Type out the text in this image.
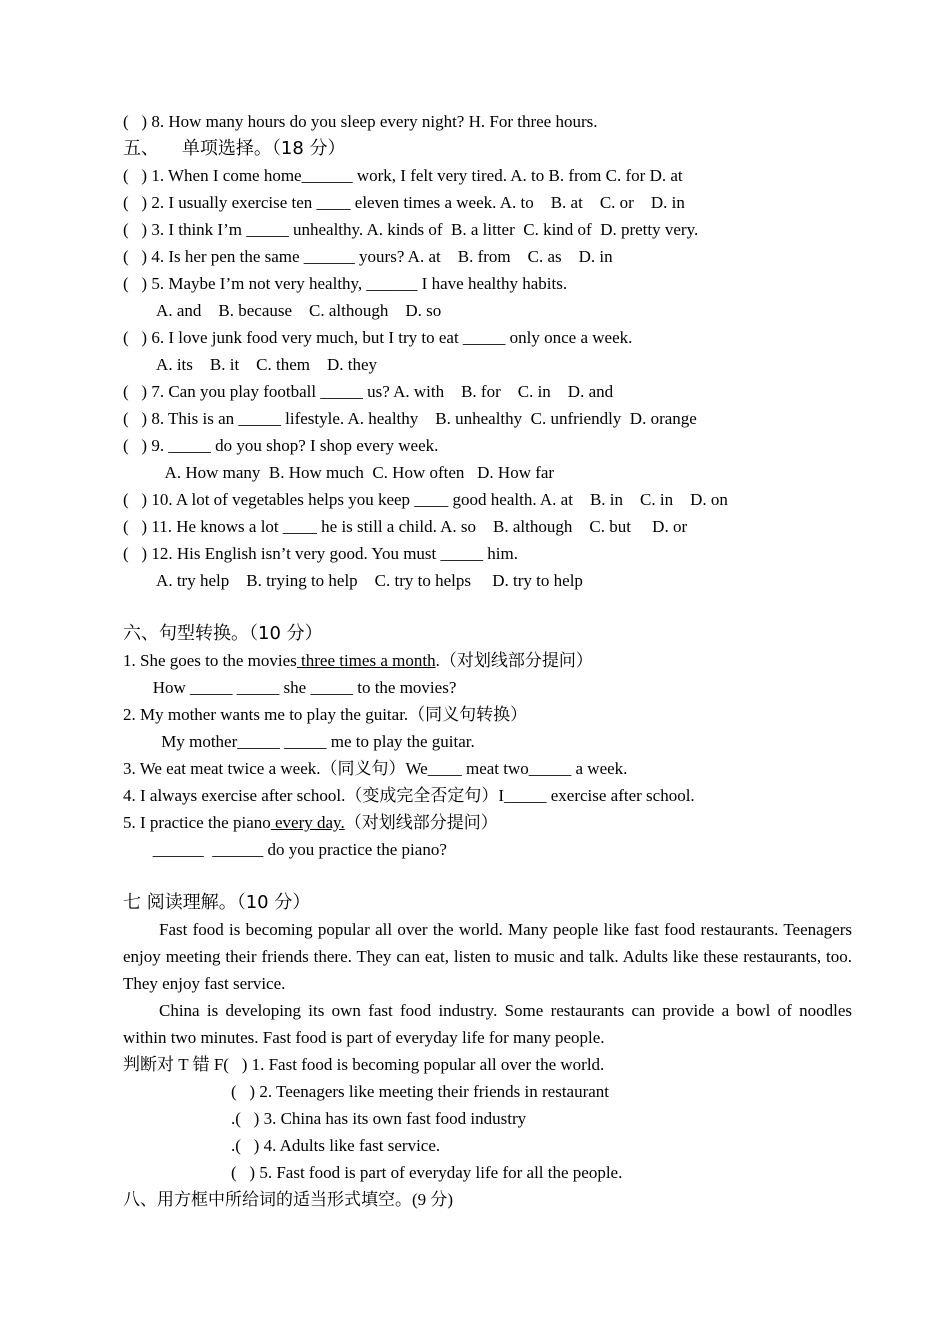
(   ) 8. How many hours do you sleep every night? H. For three hours.
五、    单项选择。（18 分）
(   ) 1. When I come home______ work, I felt very tired. A. to B. from C. for D. at
(   ) 2. I usually exercise ten ____ eleven times a week. A. to    B. at    C. or    D. in
(   ) 3. I think I’m _____ unhealthy. A. kinds of  B. a litter  C. kind of  D. pretty very.
(   ) 4. Is her pen the same ______ yours? A. at    B. from    C. as    D. in
(   ) 5. Maybe I’m not very healthy, ______ I have healthy habits.
A. and    B. because    C. although    D. so
(   ) 6. I love junk food very much, but I try to eat _____ only once a week.
A. its    B. it    C. them    D. they
(   ) 7. Can you play football _____ us? A. with    B. for    C. in    D. and
(   ) 8. This is an _____ lifestyle. A. healthy    B. unhealthy  C. unfriendly  D. orange
(   ) 9. _____ do you shop? I shop every week.
A. How many  B. How much  C. How often   D. How far
(   ) 10. A lot of vegetables helps you keep ____ good health. A. at    B. in    C. in    D. on
(   ) 11. He knows a lot ____ he is still a child. A. so    B. although    C. but     D. or
(   ) 12. His English isn’t very good. You must _____ him.
A. try help    B. trying to help    C. try to helps     D. try to help
六、句型转换。（10 分）
1. She goes to the movies three times a month.（对划线部分提问）
How _____ _____ she _____ to the movies?
2. My mother wants me to play the guitar.（同义句转换）
My mother_____ _____ me to play the guitar.
3. We eat meat twice a week.（同义句）We____ meat two_____ a week.
4. I always exercise after school.（变成完全否定句）I_____ exercise after school.
5. I practice the piano every day.（对划线部分提问）
______  ______ do you practice the piano?
七 阅读理解。（10 分）
Fast food is becoming popular all over the world. Many people like fast food restaurants. Teenagers enjoy meeting their friends there. They can eat, listen to music and talk. Adults like these restaurants, too. They enjoy fast service.
China is developing its own fast food industry. Some restaurants can provide a bowl of noodles within two minutes. Fast food is part of everyday life for many people.
判断对 T 错 F(   ) 1. Fast food is becoming popular all over the world.
(   ) 2. Teenagers like meeting their friends in restaurant
.(   ) 3. China has its own fast food industry
.(   ) 4. Adults like fast service.
(   ) 5. Fast food is part of everyday life for all the people.
八、用方框中所给词的适当形式填空。(9 分)
